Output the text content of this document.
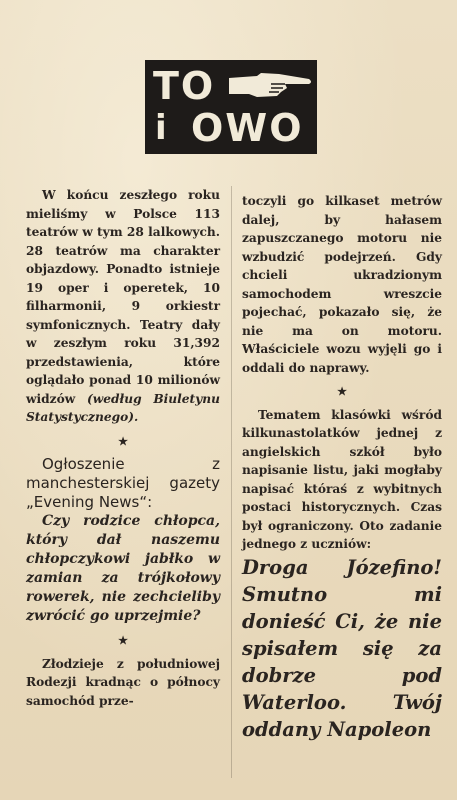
TO
i OWO

W końcu zeszłego roku mieliśmy w Polsce 113 teatrów w tym 28 lalkowych. 28 teatrów ma charakter objazdowy. Ponadto istnieje 19 oper i operetek, 10 filharmonii, 9 orkiestr symfonicznych. Teatry dały w zeszłym roku 31,392 przedstawienia, które oglądało ponad 10 milionów widzów (według Biuletynu Statystycznego).

★

Ogłoszenie z manchesterskiej gazety „Evening News“:

Czy rodzice chłopca, który dał naszemu chłopczykowi jabłko w zamian za trójkołowy rowerek, nie zechcieliby zwrócić go uprzejmie?

★

Złodzieje z południowej Rodezji kradnąc o północy samochód prze-

toczyli go kilkaset metrów dalej, by hałasem zapuszczanego motoru nie wzbudzić podejrzeń. Gdy chcieli ukradzionym samochodem wreszcie pojechać, pokazało się, że nie ma on motoru. Właściciele wozu wyjęli go i oddali do naprawy.

★

Tematem klasówki wśród kilkunastolatków jednej z angielskich szkół było napisanie listu, jaki mogłaby napisać któraś z wybitnych postaci historycznych. Czas był ograniczony. Oto zadanie jednego z uczniów:

Droga Józefino! Smutno mi donieść Ci, że nie spisałem się za dobrze pod Waterloo. Twój oddany Napoleon
